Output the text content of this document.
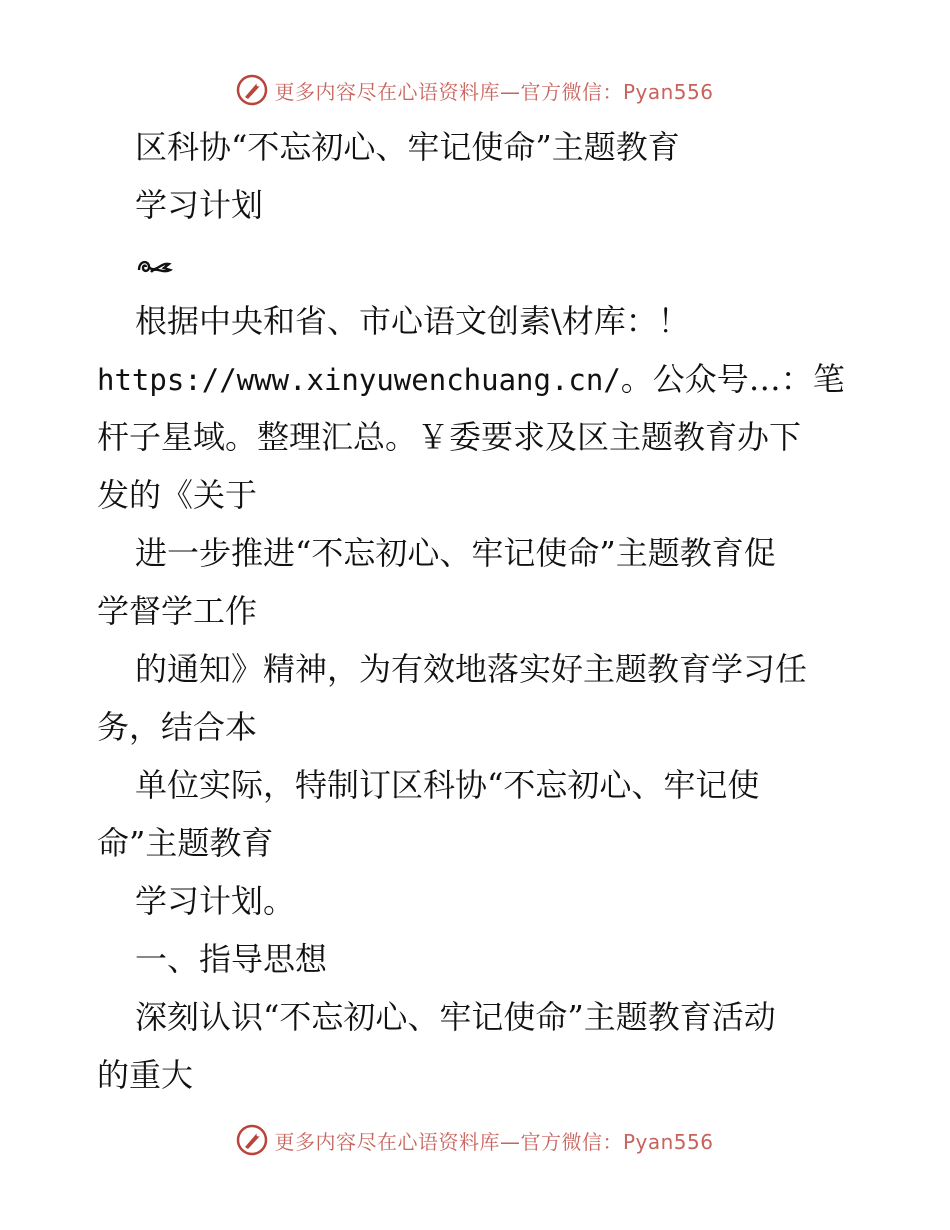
更多内容尽在心语资料库—官方微信：Pyan556
区科协“不忘初心、牢记使命”主题教育
学习计划
根据中央和省、市心语文创素\材库：！
https://www.xinyuwenchuang.cn/。公众号…：笔
杆子星域。整理汇总。￥委要求及区主题教育办下
发的《关于
进一步推进“不忘初心、牢记使命”主题教育促
学督学工作
的通知》精神，为有效地落实好主题教育学习任
务，结合本
单位实际，特制订区科协“不忘初心、牢记使
命”主题教育
学习计划。
一、指导思想
深刻认识“不忘初心、牢记使命”主题教育活动
的重大
更多内容尽在心语资料库—官方微信：Pyan556
